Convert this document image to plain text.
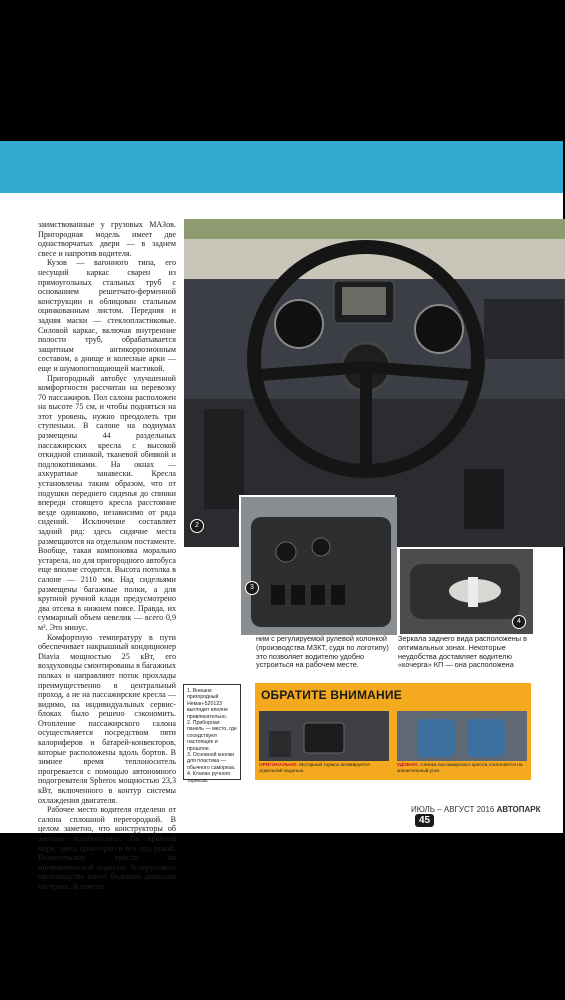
заимствованные у грузовых МАЗов. Пригородная модель имеет две однастворчатых двери — в заднем свесе и напротив водителя.

Кузов — вагонного типа, его несущий каркас сварен из прямоугольных стальных труб с основанием решетчато-ферменной конструкции и облицован стальным оцинкованным листом. Передняя и задняя маски — стеклопластиковые. Силовой каркас, включая внутренние полости труб, обрабатывается защитным антикоррозионным составом, а днище и колесные арки — еще и шумопоглощающей мастикой.

Пригородный автобус улучшенной комфортности рассчитан на перевозку 70 пассажиров. Пол салона расположен на высоте 75 см, и чтобы подняться на этот уровень, нужно преодолеть три ступеньки. В салоне на подиумах размещены 44 раздельных пассажирских кресла с высокой откидной спинкой, тканевой обивкой и подлокотниками. На окнах — ахкуратные занавески. Кресла установлены таким образом, что от подушки переднего сиденья до спинки впереди стоящего кресла расстояние везде одинаково, независимо от ряда сидений. Исключение составляет задний ряд: здесь сидячие места размещаются на отдельном постаменте. Вообще, такая компоновка морально устарела, но для пригородного автобуса еще вполне сгодится. Высота потолка в салоне — 2110 мм. Над сидельями размещены багажные полки, а для крупной ручной клади предусмотрено два отсека в нижнем поясе. Правда, их суммарный объем невелик — всего 0,9 м³. Это минус.

Комфортную температуру в пути обеспечивает накрышный кондиционер Diavia мощностью 25 кВт, его воздуховоды смонтированы в багажных полках и направляют поток прохлады преимущественно в центральный проход, а не на пассажирские кресла — видимо, на индивидуальных сервис-блоках было решено сэкономить. Отопление пассажирского салона осуществляется посредством пяти калориферов и батарей-конвекторов, которые расположены вдоль бортов. В зимнее время теплоноситель прогревается с помощью автономного подогревателя Spheros мощностью 23,3 кВт, включенного в контур системы охлаждения двигателя.

Рабочее место водителя отделено от салона сплошной перегородкой. В целом заметно, что конструкторы об эшнаже позаботились. По крайней мере, здесь просторно и все под рукой. Водительское кресло на пневматической подвеске белорусского производства имеет большой диапазон настроек. В сочета-

2
3
4
ним с регулируемой рулевой колонкой (производства МЗКТ, судя по логотипу) это позволяет водителю удобно устроиться на рабочем месте.
Зеркала заднего вида расположены в оптимальных зонах. Некоторые неудобства доставляет водителю «кочерга» КП — она расположена
1. Внешне пригородный Неман-520123 выглядит вполне привлекательно.
2. Приборная панель — место, где соседствуют настоящее и прошлое.
3. Основной кнопки для пластика — обычного самореза.
4. Клапан ручного тормоза.
ОБРАТИТЕ ВНИМАНИЕ
ОРИГИНАЛЬНО. Моторный тормоз активируется отдельной педалью.
УДОБНО. Спинка пассажирского кресла отклоняется на значительный угол.
ИЮЛЬ – АВГУСТ 2016 АВТОПАРК 45
